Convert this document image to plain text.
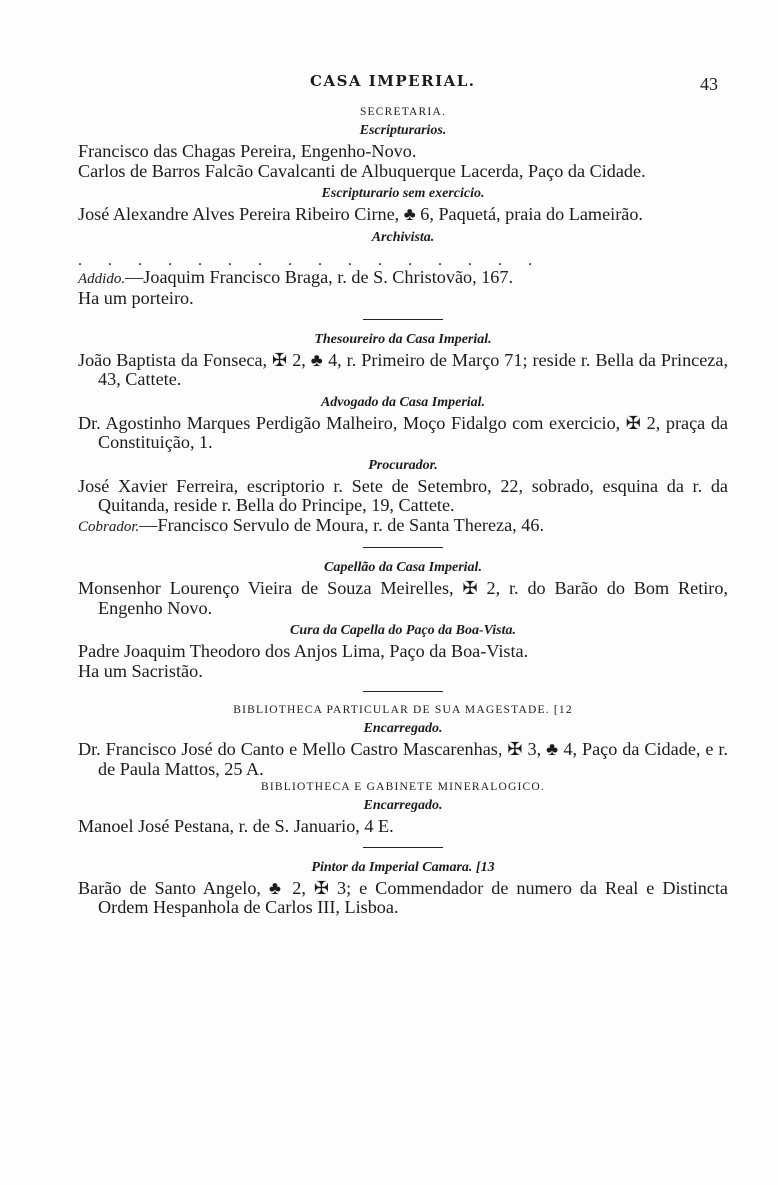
CASA IMPERIAL.	43
SECRETARIA.
Escripturarios.

Francisco das Chagas Pereira, Engenho-Novo.

Carlos de Barros Falcão Cavalcanti de Albuquerque Lacerda, Paço da Cidade.

Escripturario sem exercicio.

José Alexandre Alves Pereira Ribeiro Cirne, ♣ 6, Paquetá, praia do Lameirão.

Archivista.
. . . . . . . . . . . . . . . .

Addido.—Joaquim Francisco Braga, r. de S. Christovão, 167.

Ha um porteiro.

Thesoureiro da Casa Imperial.

João Baptista da Fonseca, ✠ 2, ♣ 4, r. Primeiro de Março 71; reside r. Bella da Princeza, 43, Cattete.

Advogado da Casa Imperial.

Dr. Agostinho Marques Perdigão Malheiro, Moço Fidalgo com exercicio, ✠ 2, praça da Constituição, 1.

Procurador.

José Xavier Ferreira, escriptorio r. Sete de Setembro, 22, sobrado, esquina da r. da Quitanda, reside r. Bella do Principe, 19, Cattete.

Cobrador.—Francisco Servulo de Moura, r. de Santa Thereza, 46.

Capellão da Casa Imperial.

Monsenhor Lourenço Vieira de Souza Meirelles, ✠ 2, r. do Barão do Bom Retiro, Engenho Novo.

Cura da Capella do Paço da Boa-Vista.

Padre Joaquim Theodoro dos Anjos Lima, Paço da Boa-Vista.

Ha um Sacristão.

BIBLIOTHECA PARTICULAR DE SUA MAGESTADE. [12
Encarregado.

Dr. Francisco José do Canto e Mello Castro Mascarenhas, ✠ 3, ♣ 4, Paço da Cidade, e r. de Paula Mattos, 25 A.

BIBLIOTHECA E GABINETE MINERALOGICO.
Encarregado.

Manoel José Pestana, r. de S. Januario, 4 E.

Pintor da Imperial Camara. [13

Barão de Santo Angelo, ♣ 2, ✠ 3; e Commendador de numero da Real e Distincta Ordem Hespanhola de Carlos III, Lisboa.
